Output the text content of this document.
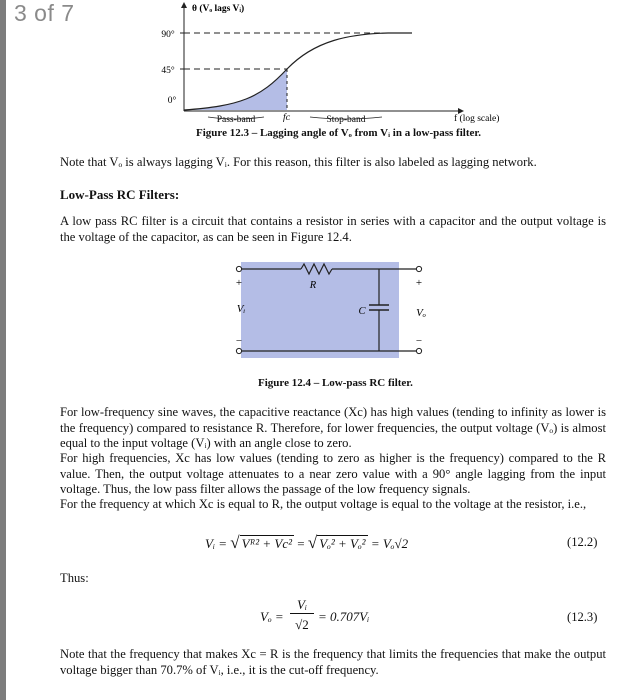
3 of 7
90°
45°
0°
θ (Vₒ lags Vᵢ)
Pass-band	fᴄ	Stop-band	f (log scale)
Figure 12.3 – Lagging angle of Vₒ from Vᵢ in a low-pass filter.
Note that Vₒ is always lagging Vᵢ. For this reason, this filter is also labeled as lagging network.
Low-Pass RC Filters:
A low pass RC filter is a circuit that contains a resistor in series with a capacitor and the output voltage is the voltage of the capacitor, as can be seen in Figure 12.4.
+
−
+
−
Vᵢ	Vₒ
R
C
Figure 12.4 – Low-pass RC filter.
For low-frequency sine waves, the capacitive reactance (Xc) has high values (tending to infinity as lower is the frequency) compared to resistance R. Therefore, for lower frequencies, the output voltage (Vₒ) is almost equal to the input voltage (Vᵢ) with an angle close to zero.
For high frequencies, Xc has low values (tending to zero as higher is the frequency) compared to the R value. Then, the output voltage attenuates to a near zero value with a 90° angle lagging from the input voltage. Thus, the low pass filter allows the passage of the low frequency signals.
For the frequency at which Xc is equal to R, the output voltage is equal to the voltage at the resistor, i.e.,
Vᵢ = √ Vᴿ² + Vc² = √ Vₒ² + Vₒ² = Vₒ√2	(12.2)
Thus:
Vₒ =
Vᵢ
√2
= 0.707Vᵢ	(12.3)
Note that the frequency that makes Xc = R is the frequency that limits the frequencies that make the output voltage bigger than 70.7% of Vᵢ, i.e., it is the cut-off frequency.
